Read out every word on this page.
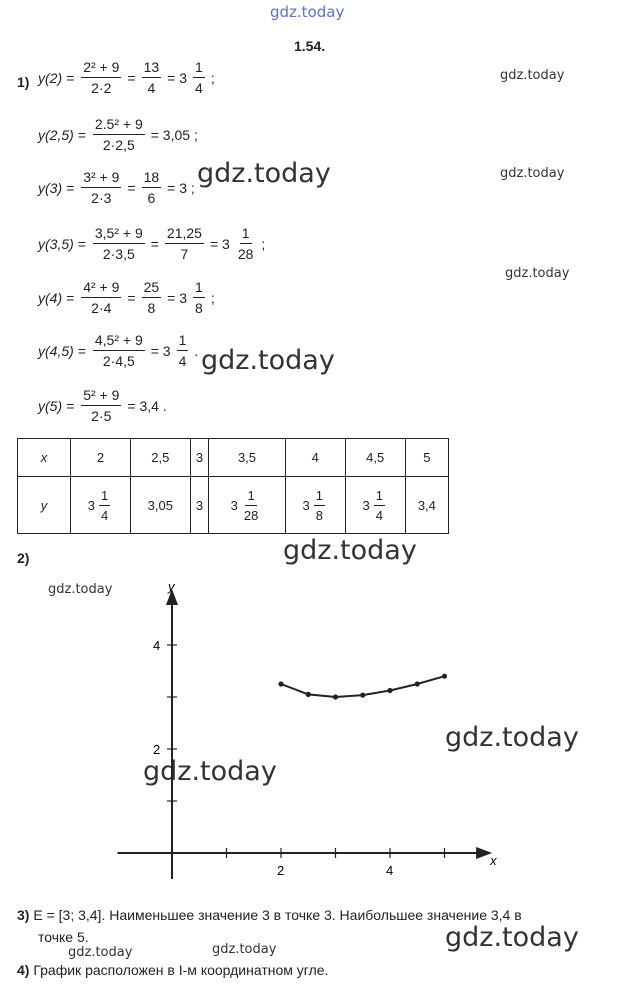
gdz.today
gdz.today
gdz.today	gdz.today
gdz.today
gdz.today
gdz.today
gdz.today
gdz.today
gdz.today
gdz.today
gdz.today	gdz.today
1.54.
1) $y(2) = \frac{\text{2² + 9}}{2\cdot 2} = \frac{13}{4} = 3 \frac{1}{4}$ ;
$y(2,5) = \frac{\text{2.5² + 9}}{2\cdot 2,5} = 3,05$ ;
$y(3) = \frac{\text{3² + 9}}{2\cdot 3} = \frac{18}{6} = 3$ ;
$y(3,5) = \frac{\text{3,5² + 9}}{2\cdot 3,5} = \frac{21,25}{7} = 3 \frac{1}{28}$ ;
$y(4) = \frac{\text{4² + 9}}{2\cdot 4} = \frac{25}{8} = 3 \frac{1}{8}$ ;
$y(4,5) = \frac{\text{4,5² + 9}}{2\cdot 4,5} = 3 \frac{1}{4}$ .
$y(5) = \frac{\text{5² + 9}}{2\cdot 5} = 3,4$ .
x	2	2,5	3	3,5	4	4,5	5
y	$3 \frac{1}{4}$	3,05	3	$3 \frac{1}{28}$	$3 \frac{1}{8}$	$3 \frac{1}{4}$	3,4
2)
x
y
2	4
2
4
3) E = [3; 3,4]. Наименьшее значение 3 в точке 3. Наибольшее значение 3,4 в
точке 5.
4) График расположен в I-м координатном угле.
